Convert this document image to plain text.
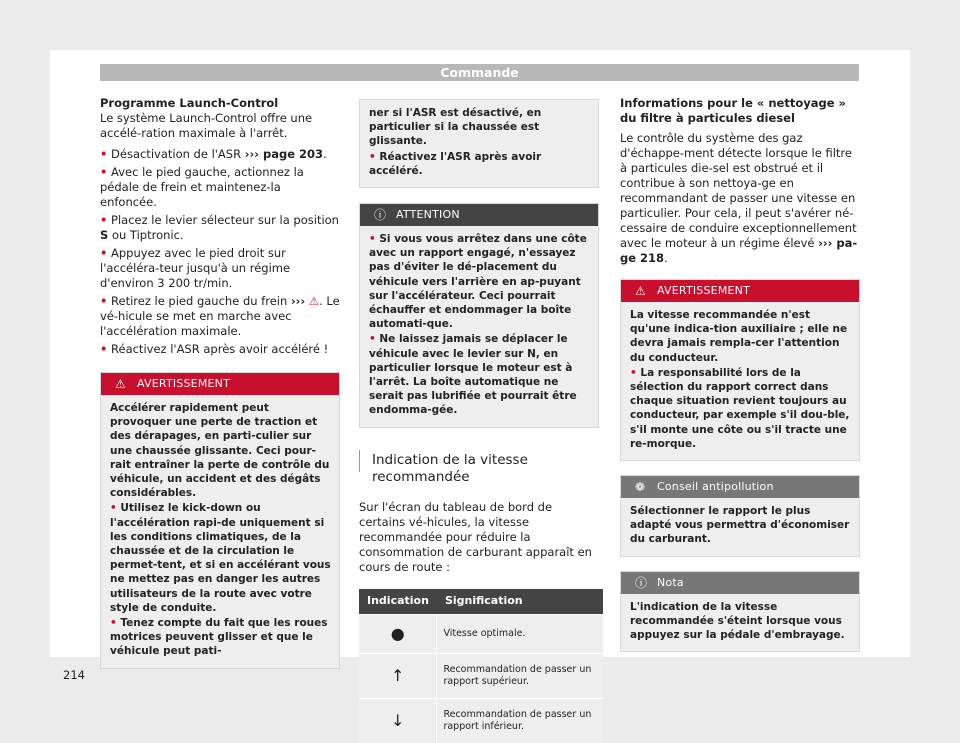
Commande

Programme Launch-Control

Le système Launch-Control offre une accélé-ration maximale à l'arrêt.

• Désactivation de l'ASR ››› page 203.

• Avec le pied gauche, actionnez la pédale de frein et maintenez-la enfoncée.

• Placez le levier sélecteur sur la position S ou Tiptronic.

• Appuyez avec le pied droit sur l'accéléra-teur jusqu'à un régime d'environ 3 200 tr/min.

• Retirez le pied gauche du frein ››› ⚠. Le vé-hicule se met en marche avec l'accélération maximale.

• Réactivez l'ASR après avoir accéléré !

⚠ AVERTISSEMENT

Accélérer rapidement peut provoquer une perte de traction et des dérapages, en parti-culier sur une chaussée glissante. Ceci pour-rait entraîner la perte de contrôle du véhicule, un accident et des dégâts considérables.

• Utilisez le kick-down ou l'accélération rapi-de uniquement si les conditions climatiques, de la chaussée et de la circulation le permet-tent, et si en accélérant vous ne mettez pas en danger les autres utilisateurs de la route avec votre style de conduite.

• Tenez compte du fait que les roues motrices peuvent glisser et que le véhicule peut pati-

ner si l'ASR est désactivé, en particulier si la chaussée est glissante.

• Réactivez l'ASR après avoir accéléré.

ⓘ ATTENTION

• Si vous vous arrêtez dans une côte avec un rapport engagé, n'essayez pas d'éviter le dé-placement du véhicule vers l'arrière en ap-puyant sur l'accélérateur. Ceci pourrait échauffer et endommager la boîte automati-que.

• Ne laissez jamais se déplacer le véhicule avec le levier sur N, en particulier lorsque le moteur est à l'arrêt. La boîte automatique ne serait pas lubrifiée et pourrait être endomma-gée.

Indication de la vitesse recommandée

Sur l'écran du tableau de bord de certains vé-hicules, la vitesse recommandée pour réduire la consommation de carburant apparaît en cours de route :

Indication	Signification
●	Vitesse optimale.
↑	Recommandation de passer un rapport supérieur.
↓	Recommandation de passer un rapport inférieur.

Informations pour le « nettoyage » du filtre à particules diesel

Le contrôle du système des gaz d'échappe-ment détecte lorsque le filtre à particules die-sel est obstrué et il contribue à son nettoya-ge en recommandant de passer une vitesse en particulier. Pour cela, il peut s'avérer né-cessaire de conduire exceptionnellement avec le moteur à un régime élevé ››› pa-ge 218.

⚠ AVERTISSEMENT

La vitesse recommandée n'est qu'une indica-tion auxiliaire ; elle ne devra jamais rempla-cer l'attention du conducteur.

• La responsabilité lors de la sélection du rapport correct dans chaque situation revient toujours au conducteur, par exemple s'il dou-ble, s'il monte une côte ou s'il tracte une re-morque.

❁ Conseil antipollution

Sélectionner le rapport le plus adapté vous permettra d'économiser du carburant.

ⓘ Nota

L'indication de la vitesse recommandée s'éteint lorsque vous appuyez sur la pédale d'embrayage.

214
